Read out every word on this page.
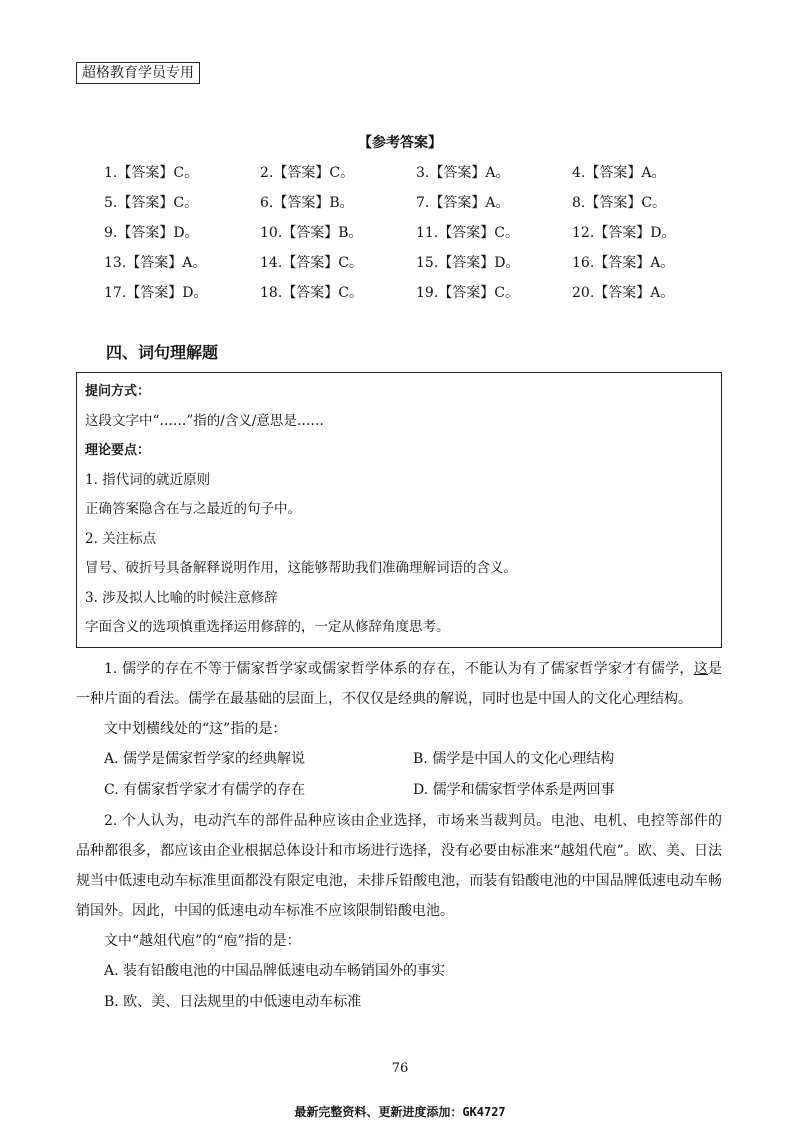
超格教育学员专用
【参考答案】
1.【答案】C。	2.【答案】C。	3.【答案】A。	4.【答案】A。
5.【答案】C。	6.【答案】B。	7.【答案】A。	8.【答案】C。
9.【答案】D。	10.【答案】B。	11.【答案】C。	12.【答案】D。
13.【答案】A。	14.【答案】C。	15.【答案】D。	16.【答案】A。
17.【答案】D。	18.【答案】C。	19.【答案】C。	20.【答案】A。
四、词句理解题
提问方式：
这段文字中“……”指的/含义/意思是……
理论要点：
1. 指代词的就近原则
正确答案隐含在与之最近的句子中。
2. 关注标点
冒号、破折号具备解释说明作用，这能够帮助我们准确理解词语的含义。
3. 涉及拟人比喻的时候注意修辞
字面含义的选项慎重选择运用修辞的，一定从修辞角度思考。
1. 儒学的存在不等于儒家哲学家或儒家哲学体系的存在，不能认为有了儒家哲学家才有儒学，这是一种片面的看法。儒学在最基础的层面上，不仅仅是经典的解说，同时也是中国人的文化心理结构。
文中划横线处的“这”指的是：
A. 儒学是儒家哲学家的经典解说	B. 儒学是中国人的文化心理结构
C. 有儒家哲学家才有儒学的存在	D. 儒学和儒家哲学体系是两回事
2. 个人认为，电动汽车的部件品种应该由企业选择，市场来当裁判员。电池、电机、电控等部件的品种都很多，都应该由企业根据总体设计和市场进行选择，没有必要由标准来“越俎代庖”。欧、美、日法规当中低速电动车标准里面都没有限定电池，未排斥铅酸电池，而装有铅酸电池的中国品牌低速电动车畅销国外。因此，中国的低速电动车标准不应该限制铅酸电池。
文中“越俎代庖”的“庖”指的是：
A. 装有铅酸电池的中国品牌低速电动车畅销国外的事实
B. 欧、美、日法规里的中低速电动车标准
76
最新完整资料、更新进度添加：GK4727
